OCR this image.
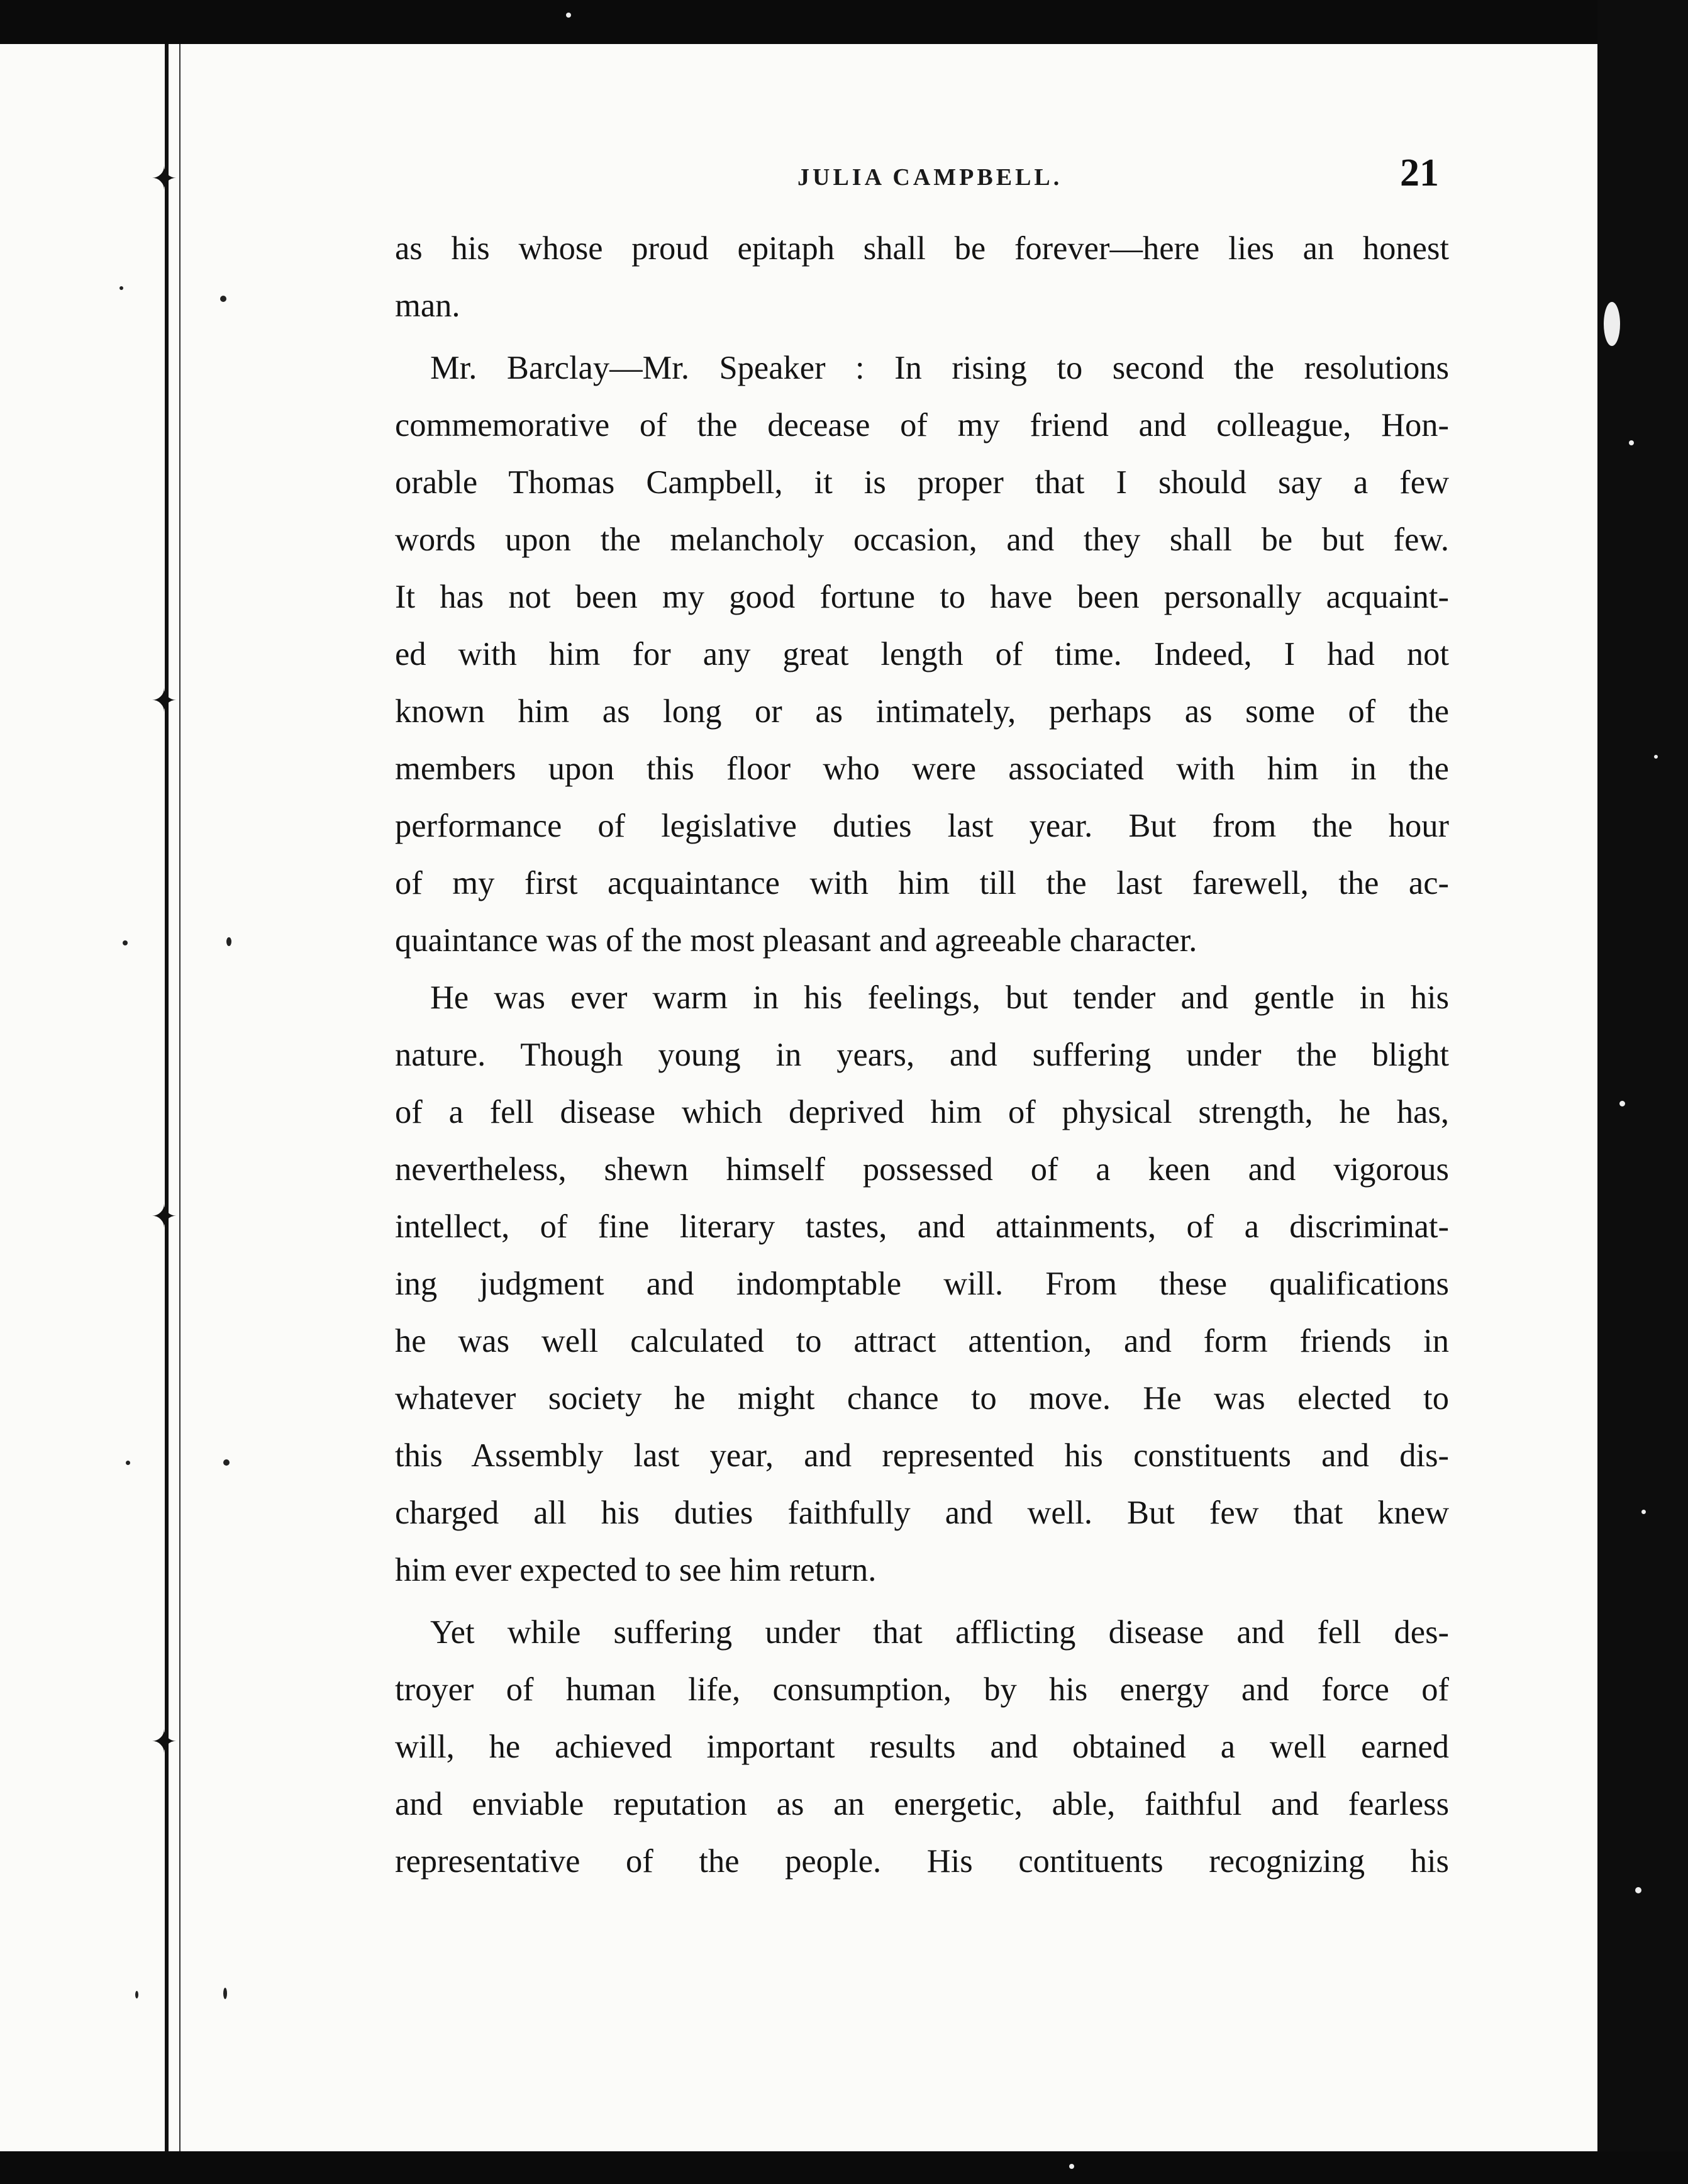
✦
✦
✦
✦
JULIA CAMPBELL.	21
as his whose proud epitaph shall be forever—here lies an honest
man.
Mr. Barclay—Mr. Speaker : In rising to second the resolutions
commemorative of the decease of my friend and colleague, Hon-
orable Thomas Campbell, it is proper that I should say a few
words upon the melancholy occasion, and they shall be but few.
It has not been my good fortune to have been personally acquaint-
ed with him for any great length of time. Indeed, I had not
known him as long or as intimately, perhaps as some of the
members upon this floor who were associated with him in the
performance of legislative duties last year. But from the hour
of my first acquaintance with him till the last farewell, the ac-
quaintance was of the most pleasant and agreeable character.
He was ever warm in his feelings, but tender and gentle in his
nature. Though young in years, and suffering under the blight
of a fell disease which deprived him of physical strength, he has,
nevertheless, shewn himself possessed of a keen and vigorous
intellect, of fine literary tastes, and attainments, of a discriminat-
ing judgment and indomptable will. From these qualifications
he was well calculated to attract attention, and form friends in
whatever society he might chance to move. He was elected to
this Assembly last year, and represented his constituents and dis-
charged all his duties faithfully and well. But few that knew
him ever expected to see him return.
Yet while suffering under that afflicting disease and fell des-
troyer of human life, consumption, by his energy and force of
will, he achieved important results and obtained a well earned
and enviable reputation as an energetic, able, faithful and fearless
representative of the people. His contituents recognizing his
